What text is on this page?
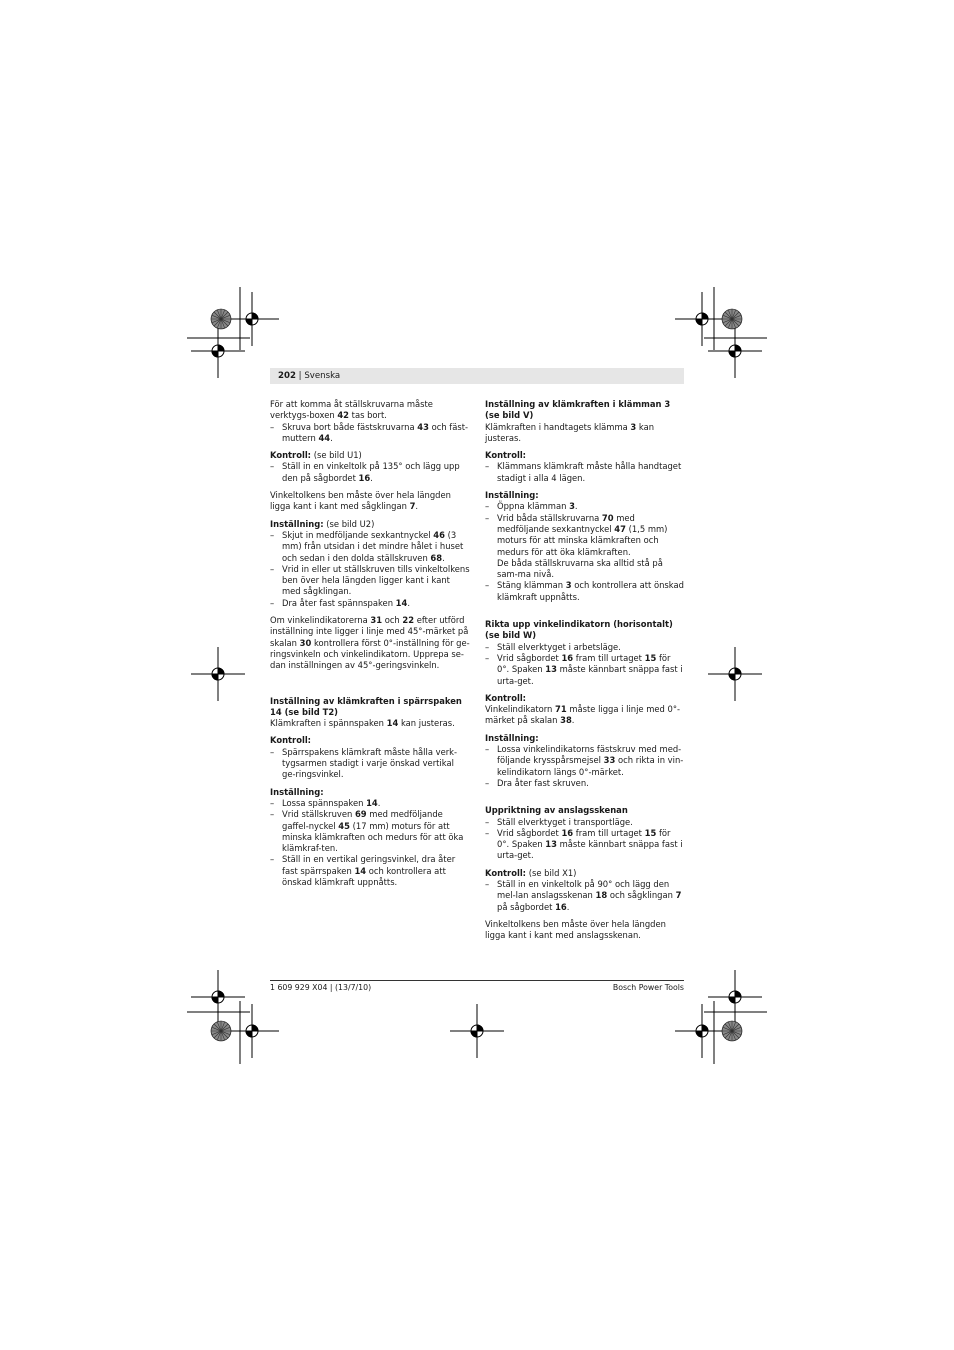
202 | Svenska

För att komma åt ställskruvarna måste verktygs-boxen 42 tas bort.

– Skruva bort både fästskruvarna 43 och fäst-muttern 44.

Kontroll: (se bild U1)

– Ställ in en vinkeltolk på 135° och lägg upp den på sågbordet 16.

Vinkeltolkens ben måste över hela längden ligga kant i kant med sågklingan 7.

Inställning: (se bild U2)

– Skjut in medföljande sexkantnyckel 46 (3 mm) från utsidan i det mindre hålet i huset och sedan i den dolda ställskruven 68.
– Vrid in eller ut ställskruven tills vinkeltolkens ben över hela längden ligger kant i kant med sågklingan.
– Dra åter fast spännspaken 14.

Om vinkelindikatorerna 31 och 22 efter utförd inställning inte ligger i linje med 45°-märket på skalan 30 kontrollera först 0°-inställning för ge-ringsvinkeln och vinkelindikatorn. Upprepa se-dan inställningen av 45°-geringsvinkeln.

Inställning av klämkraften i spärrspaken 14 (se bild T2)

Klämkraften i spännspaken 14 kan justeras.

Kontroll:

– Spärrspakens klämkraft måste hålla verk-tygsarmen stadigt i varje önskad vertikal ge-ringsvinkel.

Inställning:

– Lossa spännspaken 14.
– Vrid ställskruven 69 med medföljande gaffel-nyckel 45 (17 mm) moturs för att minska klämkraften och medurs för att öka klämkraf-ten.
– Ställ in en vertikal geringsvinkel, dra åter fast spärrspaken 14 och kontrollera att önskad klämkraft uppnåtts.
Inställning av klämkraften i klämman 3 (se bild V)

Klämkraften i handtagets klämma 3 kan justeras.

Kontroll:

– Klämmans klämkraft måste hålla handtaget stadigt i alla 4 lägen.

Inställning:

– Öppna klämman 3.
– Vrid båda ställskruvarna 70 med medföljande sexkantnyckel 47 (1,5 mm) moturs för att minska klämkraften och medurs för att öka klämkraften.

De båda ställskruvarna ska alltid stå på sam-ma nivå.

– Stäng klämman 3 och kontrollera att önskad klämkraft uppnåtts.
Rikta upp vinkelindikatorn (horisontalt) (se bild W)
– Ställ elverktyget i arbetsläge.
– Vrid sågbordet 16 fram till urtaget 15 för 0°. Spaken 13 måste kännbart snäppa fast i urta-get.

Kontroll:

Vinkelindikatorn 71 måste ligga i linje med 0°-märket på skalan 38.

Inställning:

– Lossa vinkelindikatorns fästskruv med med-följande krysspårsmejsel 33 och rikta in vin-kelindikatorn längs 0°-märket.
– Dra åter fast skruven.
Uppriktning av anslagsskenan
– Ställ elverktyget i transportläge.
– Vrid sågbordet 16 fram till urtaget 15 för 0°. Spaken 13 måste kännbart snäppa fast i urta-get.

Kontroll: (se bild X1)

– Ställ in en vinkeltolk på 90° och lägg den mel-lan anslagsskenan 18 och sågklingan 7 på sågbordet 16.

Vinkeltolkens ben måste över hela längden ligga kant i kant med anslagsskenan.

1 609 929 X04 | (13/7/10)	Bosch Power Tools
